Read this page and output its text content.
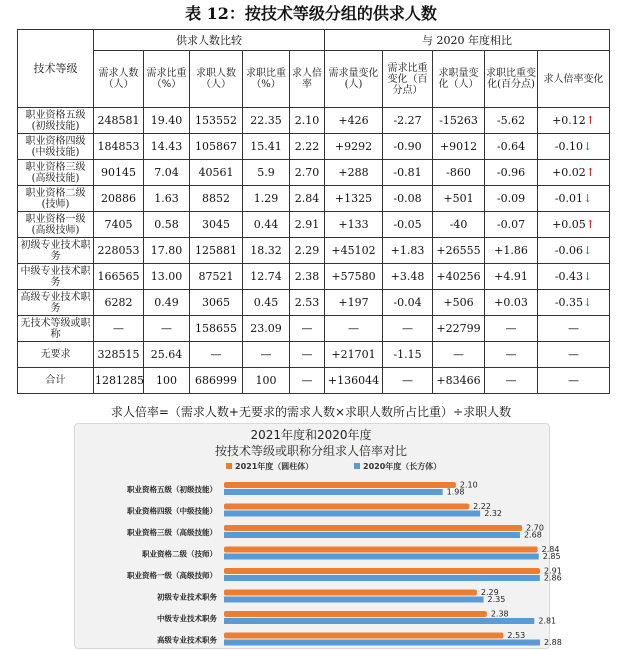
表 12：按技术等级分组的供求人数
技术等级	供求人数比较					与 2020 年度相比				
	需求人数（人）	需求比重（%）	求职人数（人）	求职比重（%）	求人倍率	需求量变化(人)	需求比重变化（百分点）	求职量变化（人）	求职比重变化(百分点)	求人倍率变化
职业资格五级(初级技能)	248581	19.40	153552	22.35	2.10	+426	-2.27	-15263	-5.62	+0.12↑
职业资格四级(中级技能)	184853	14.43	105867	15.41	2.22	+9292	-0.90	+9012	-0.64	-0.10↓
职业资格三级(高级技能)	90145	7.04	40561	5.9	2.70	+288	-0.81	-860	-0.96	+0.02↑
职业资格二级(技师)	20886	1.63	8852	1.29	2.84	+1325	-0.08	+501	-0.09	-0.01↓
职业资格一级(高级技师)	7405	0.58	3045	0.44	2.91	+133	-0.05	-40	-0.07	+0.05↑
初级专业技术职务	228053	17.80	125881	18.32	2.29	+45102	+1.83	+26555	+1.86	-0.06↓
中级专业技术职务	166565	13.00	87521	12.74	2.38	+57580	+3.48	+40256	+4.91	-0.43↓
高级专业技术职务	6282	0.49	3065	0.45	2.53	+197	-0.04	+506	+0.03	-0.35↓
无技术等级或职称	—	—	158655	23.09	—	—	—	+22799	—	—
无要求	328515	25.64	—	—	—	+21701	-1.15	—	—	—
合计	1281285	100	686999	100	—	+136044	—	+83466	—	—
求人倍率=（需求人数+无要求的需求人数×求职人数所占比重）÷求职人数
2021年度和2020年度
按技术等级或职称分组求人倍率对比
2021年度（圆柱体）	2020年度（长方体）
职业资格五级（初级技能）	2.10
1.98
职业资格四级（中级技能）	2.22
2.32
职业资格三级（高级技能）	2.70
2.68
职业资格二级（技师）	2.84
2.85
职业资格一级（高级技师）	2.91
2.86
初级专业技术职务	2.29
2.35
中级专业技术职务	2.38
2.81
高级专业技术职务	2.53
2.88
